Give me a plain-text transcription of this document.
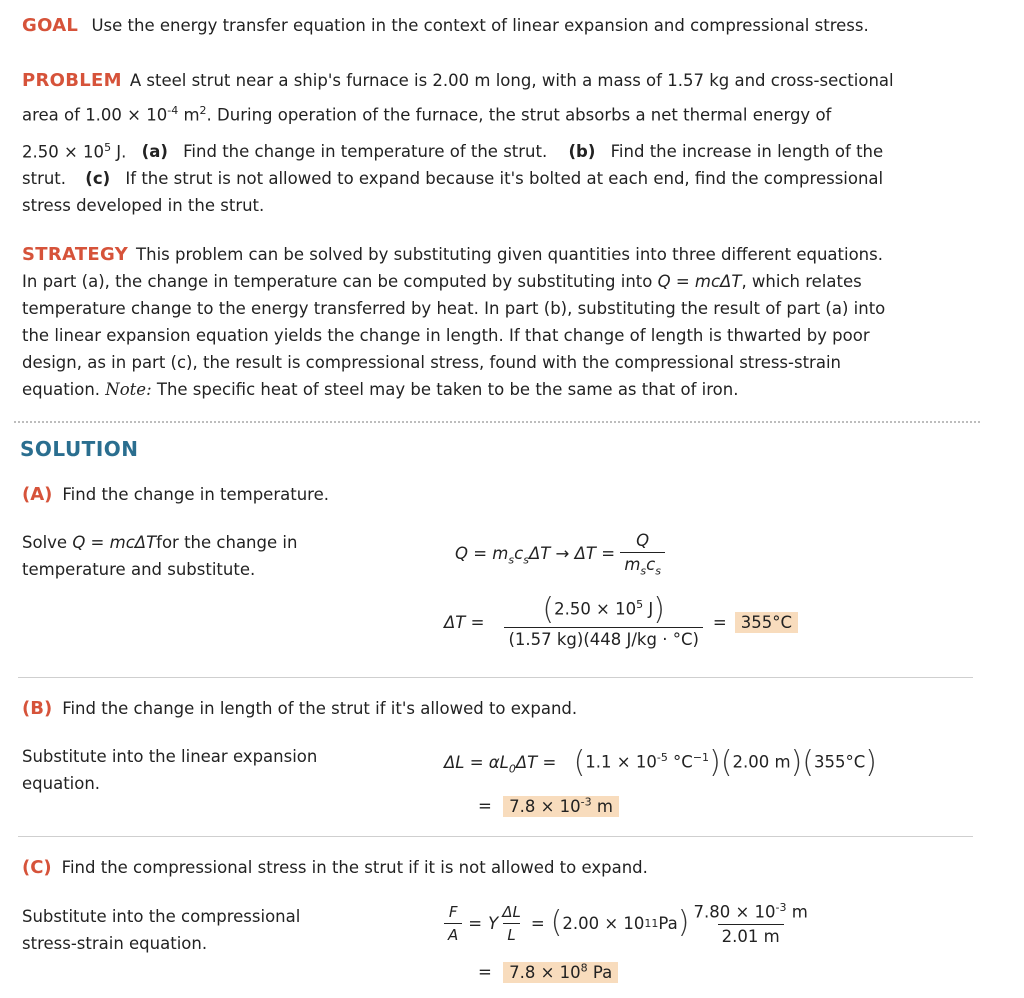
GOAL Use the energy transfer equation in the context of linear expansion and compressional stress.
PROBLEM A steel strut near a ship's furnace is 2.00 m long, with a mass of 1.57 kg and cross-sectional
area of $1.00 \times 10^{-4}$ $m^2$. During operation of the furnace, the strut absorbs a net thermal energy of
$2.50 \times 10^5$ J. (a) Find the change in temperature of the strut. (b) Find the increase in length of the
strut. (c) If the strut is not allowed to expand because it's bolted at each end, find the compressional
stress developed in the strut.
STRATEGY This problem can be solved by substituting given quantities into three different equations.
In part (a), the change in temperature can be computed by substituting into Q = mcΔT, which relates
temperature change to the energy transferred by heat. In part (b), substituting the result of part (a) into
the linear expansion equation yields the change in length. If that change of length is thwarted by poor
design, as in part (c), the result is compressional stress, found with the compressional stress-strain
equation. Note: The specific heat of steel may be taken to be the same as that of iron.
SOLUTION
(A) Find the change in temperature.
Solve Q = mcΔTfor the change in
temperature and substitute.
$Q = m_sc_s\Delta T \to \Delta T = \frac{Q}{m_sc_s}$
$\Delta T = \frac{(2.50 \times 10^5 J)}{(1.57 kg)(448 J/kg \cdot ^\circ C)} = 355^\circ C$
(B) Find the change in length of the strut if it's allowed to expand.
Substitute into the linear expansion
equation.
$\Delta L = \alpha L_0\Delta T = (1.1 \times 10^{-5}$ $^\circ C^{-1})(2.00$ m)(355°C)
= $7.8 \times 10^{-3}$ m
(C) Find the compressional stress in the strut if it is not allowed to expand.
Substitute into the compressional
stress-strain equation.	$\frac{F}{A} = Y \frac{\Delta L}{L}$ = ( 2.00 × 10 11 Pa ) $\frac{7.80 \times 10^{-3} m}{2.01 m}$
= $7.8 \times 10^8$ Pa
